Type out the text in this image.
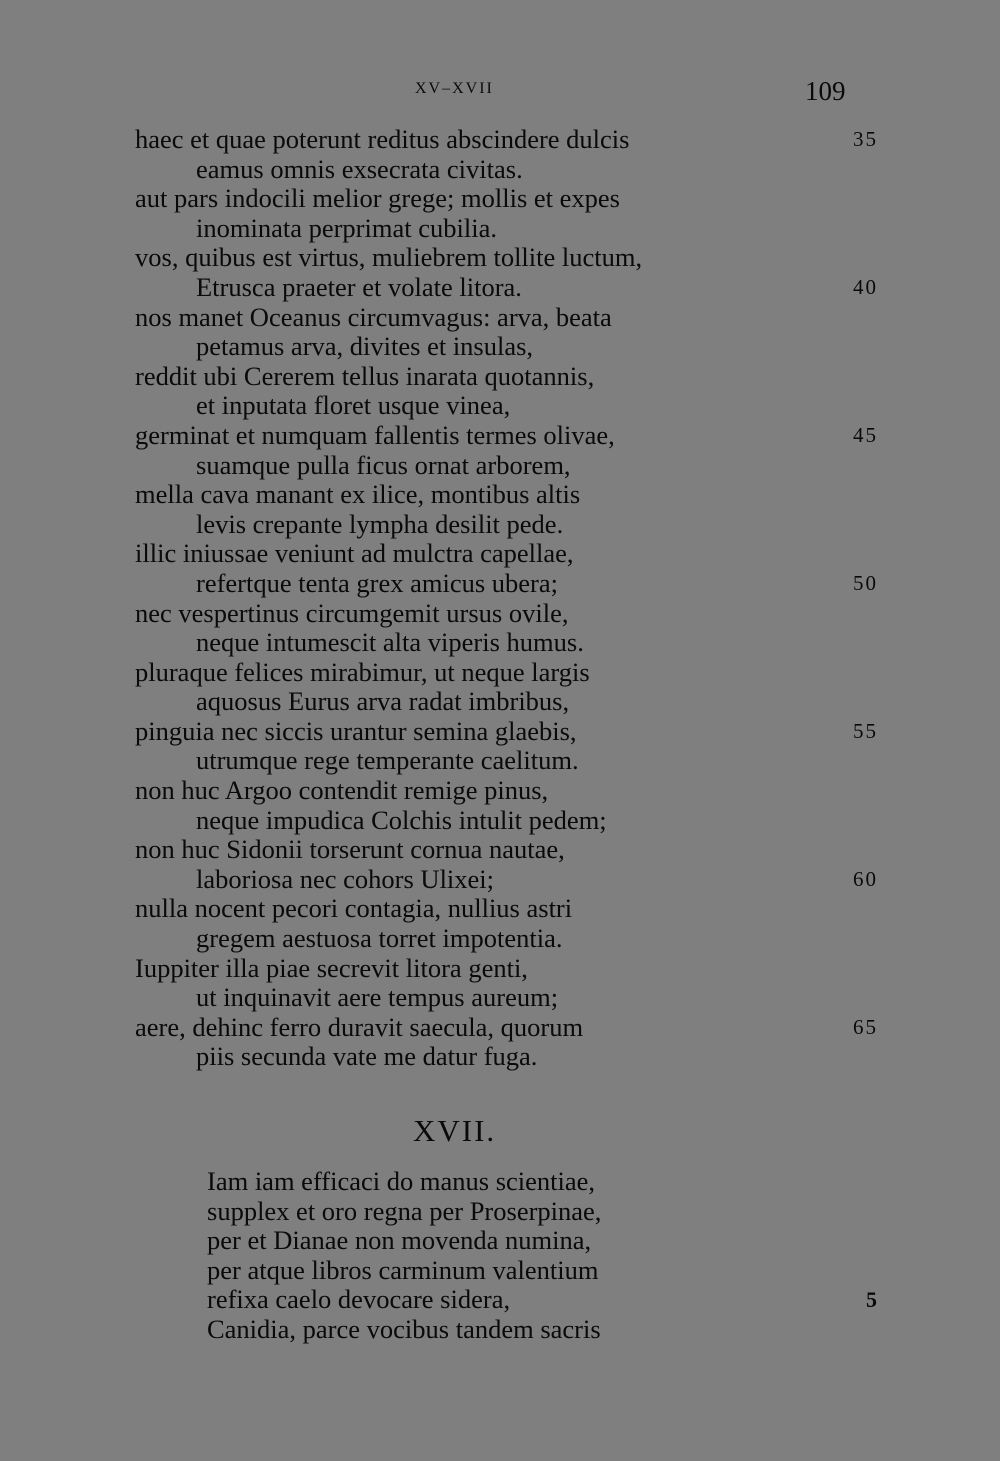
XV–XVII	109
haec et quae poterunt reditus abscindere dulcis	35
eamus omnis exsecrata civitas.
aut pars indocili melior grege; mollis et expes
inominata perprimat cubilia.
vos, quibus est virtus, muliebrem tollite luctum,
Etrusca praeter et volate litora.	40
nos manet Oceanus circumvagus: arva, beata
petamus arva, divites et insulas,
reddit ubi Cererem tellus inarata quotannis,
et inputata floret usque vinea,
germinat et numquam fallentis termes olivae,	45
suamque pulla ficus ornat arborem,
mella cava manant ex ilice, montibus altis
levis crepante lympha desilit pede.
illic iniussae veniunt ad mulctra capellae,
refertque tenta grex amicus ubera;	50
nec vespertinus circumgemit ursus ovile,
neque intumescit alta viperis humus.
pluraque felices mirabimur, ut neque largis
aquosus Eurus arva radat imbribus,
pinguia nec siccis urantur semina glaebis,	55
utrumque rege temperante caelitum.
non huc Argoo contendit remige pinus,
neque impudica Colchis intulit pedem;
non huc Sidonii torserunt cornua nautae,
laboriosa nec cohors Ulixei;	60
nulla nocent pecori contagia, nullius astri
gregem aestuosa torret impotentia.
Iuppiter illa piae secrevit litora genti,
ut inquinavit aere tempus aureum;
aere, dehinc ferro duravit saecula, quorum	65
piis secunda vate me datur fuga.
XVII.
Iam iam efficaci do manus scientiae,
supplex et oro regna per Proserpinae,
per et Dianae non movenda numina,
per atque libros carminum valentium
refixa caelo devocare sidera,	5
Canidia, parce vocibus tandem sacris
